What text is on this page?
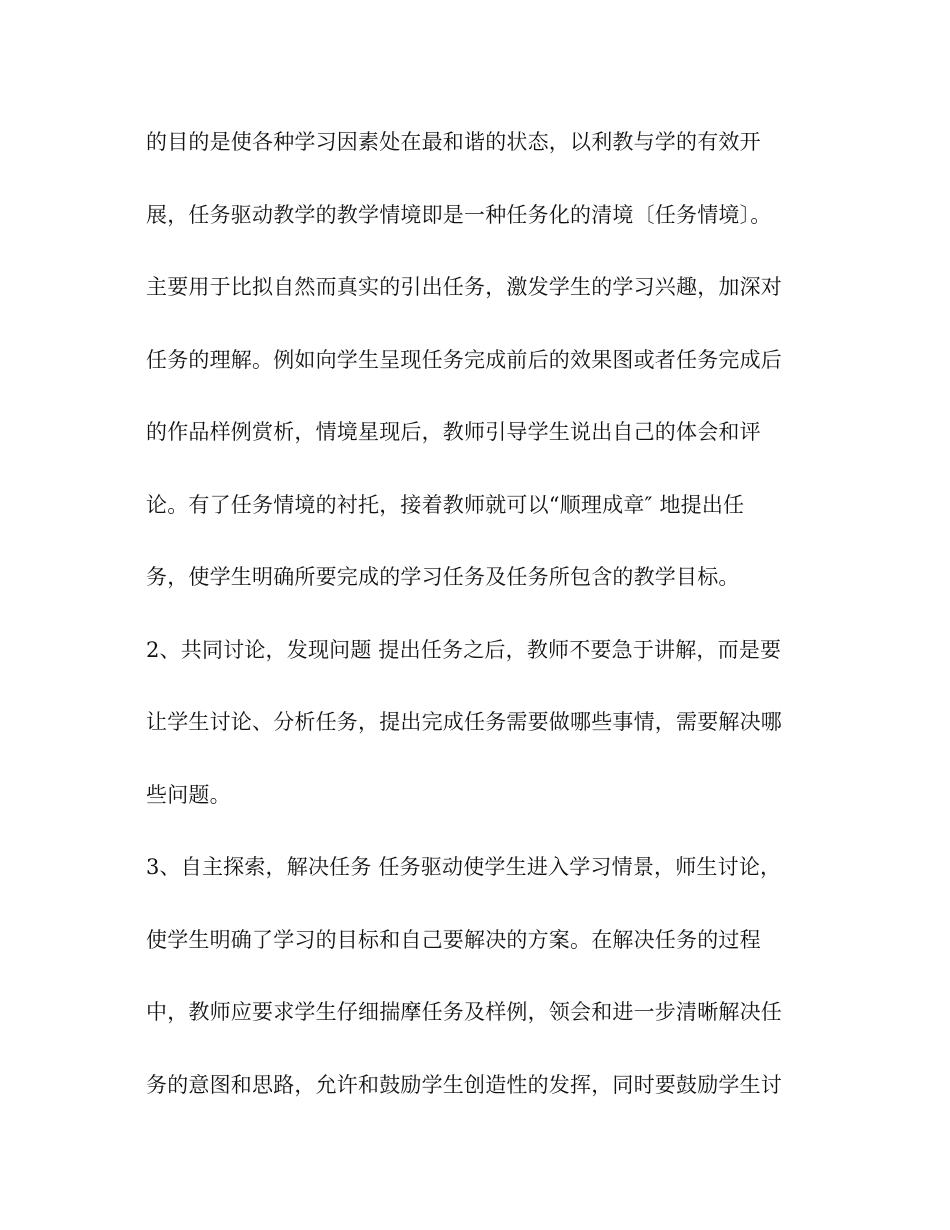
的目的是使各种学习因素处在最和谐的状态，以利教与学的有效开
展，任务驱动教学的教学情境即是一种任务化的清境〔任务情境〕。
主要用于比拟自然而真实的引出任务，激发学生的学习兴趣，加深对
任务的理解。例如向学生呈现任务完成前后的效果图或者任务完成后
的作品样例赏析，情境星现后，教师引导学生说出自己的体会和评
论。有了任务情境的衬托，接着教师就可以“顺理成章″ 地提出任
务，使学生明确所要完成的学习任务及任务所包含的教学目标。
2、共同讨论，发现问题 提出任务之后，教师不要急于讲解，而是要
让学生讨论、分析任务，提出完成任务需要做哪些事情，需要解决哪
些问题。
3、自主探索，解决任务 任务驱动使学生进入学习情景，师生讨论，
使学生明确了学习的目标和自己要解决的方案。在解决任务的过程
中，教师应要求学生仔细揣摩任务及样例，领会和进一步清晰解决任
务的意图和思路，允许和鼓励学生创造性的发挥，同时要鼓励学生讨
